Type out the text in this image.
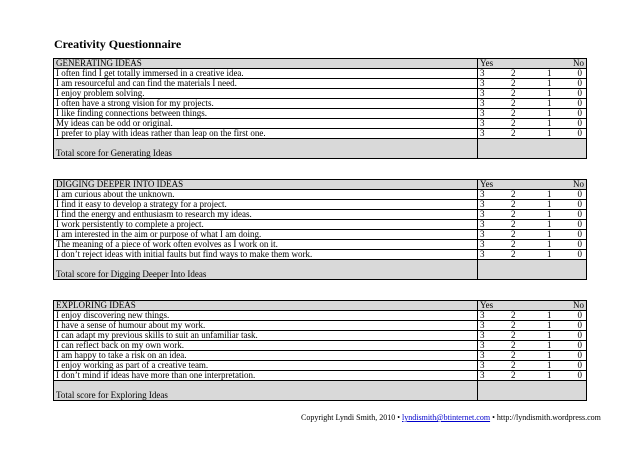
Creativity Questionnaire
GENERATING IDEAS	Yes No

I often find I get totally immersed in a creative idea.	3 2 1 0

I am resourceful and can find the materials I need.	3 2 1 0

I enjoy problem solving.	3 2 1 0

I often have a strong vision for my projects.	3 2 1 0

I like finding connections between things.	3 2 1 0

My ideas can be odd or original.	3 2 1 0

I prefer to play with ideas rather than leap on the first one.	3 2 1 0

Total score for Generating Ideas	
DIGGING DEEPER INTO IDEAS	Yes No

I am curious about the unknown.	3 2 1 0

I find it easy to develop a strategy for a project.	3 2 1 0

I find the energy and enthusiasm to research my ideas.	3 2 1 0

I work persistently to complete a project.	3 2 1 0

I am interested in the aim or purpose of what I am doing.	3 2 1 0

The meaning of a piece of work often evolves as I work on it.	3 2 1 0

I don’t reject ideas with initial faults but find ways to make them work.	3 2 1 0

Total score for Digging Deeper Into Ideas	
EXPLORING IDEAS	Yes No

I enjoy discovering new things.	3 2 1 0

I have a sense of humour about my work.	3 2 1 0

I can adapt my previous skills to suit an unfamiliar task.	3 2 1 0

I can reflect back on my own work.	3 2 1 0

I am happy to take a risk on an idea.	3 2 1 0

I enjoy working as part of a creative team.	3 2 1 0

I don’t mind if ideas have more than one interpretation.	3 2 1 0

Total score for Exploring Ideas	
Copyright Lyndi Smith, 2010 • lyndismith@btinternet.com • http://lyndismith.wordpress.com
